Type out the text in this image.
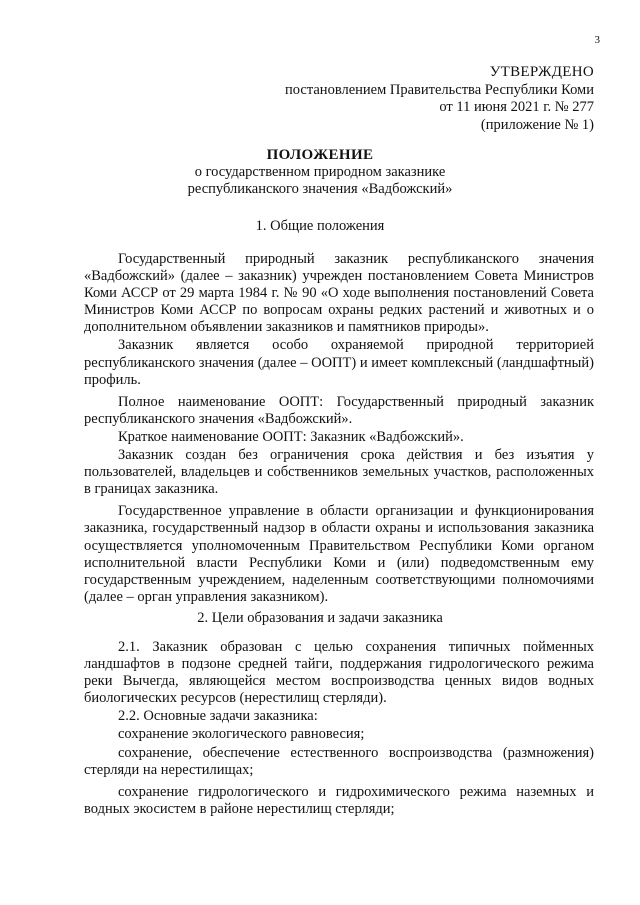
3
УТВЕРЖДЕНО
постановлением Правительства Республики Коми
от 11 июня 2021 г. № 277
(приложение № 1)
ПОЛОЖЕНИЕ
о государственном природном заказнике
республиканского значения «Вадбожский»
1. Общие положения

Государственный природный заказник республиканского значения «Вадбожский» (далее – заказник) учрежден постановлением Совета Министров Коми АССР от 29 марта 1984 г. № 90 «О ходе выполнения постановлений Совета Министров Коми АССР по вопросам охраны редких растений и животных и о дополнительном объявлении заказников и памятников природы».

Заказник является особо охраняемой природной территорией республиканского значения (далее – ООПТ) и имеет комплексный (ландшафтный) профиль.

Полное наименование ООПТ: Государственный природный заказник республиканского значения «Вадбожский».

Краткое наименование ООПТ: Заказник «Вадбожский».

Заказник создан без ограничения срока действия и без изъятия у пользователей, владельцев и собственников земельных участков, расположенных в границах заказника.

Государственное управление в области организации и функционирования заказника, государственный надзор в области охраны и использования заказника осуществляется уполномоченным Правительством Республики Коми органом исполнительной власти Республики Коми и (или) подведомственным ему государственным учреждением, наделенным соответствующими полномочиями (далее – орган управления заказником).

2. Цели образования и задачи заказника

2.1. Заказник образован с целью сохранения типичных пойменных ландшафтов в подзоне средней тайги, поддержания гидрологического режима реки Вычегда, являющейся местом воспроизводства ценных видов водных биологических ресурсов (нерестилищ стерляди).

2.2. Основные задачи заказника:

сохранение экологического равновесия;

сохранение, обеспечение естественного воспроизводства (размножения) стерляди на нерестилищах;

сохранение гидрологического и гидрохимического режима наземных и водных экосистем в районе нерестилищ стерляди;
